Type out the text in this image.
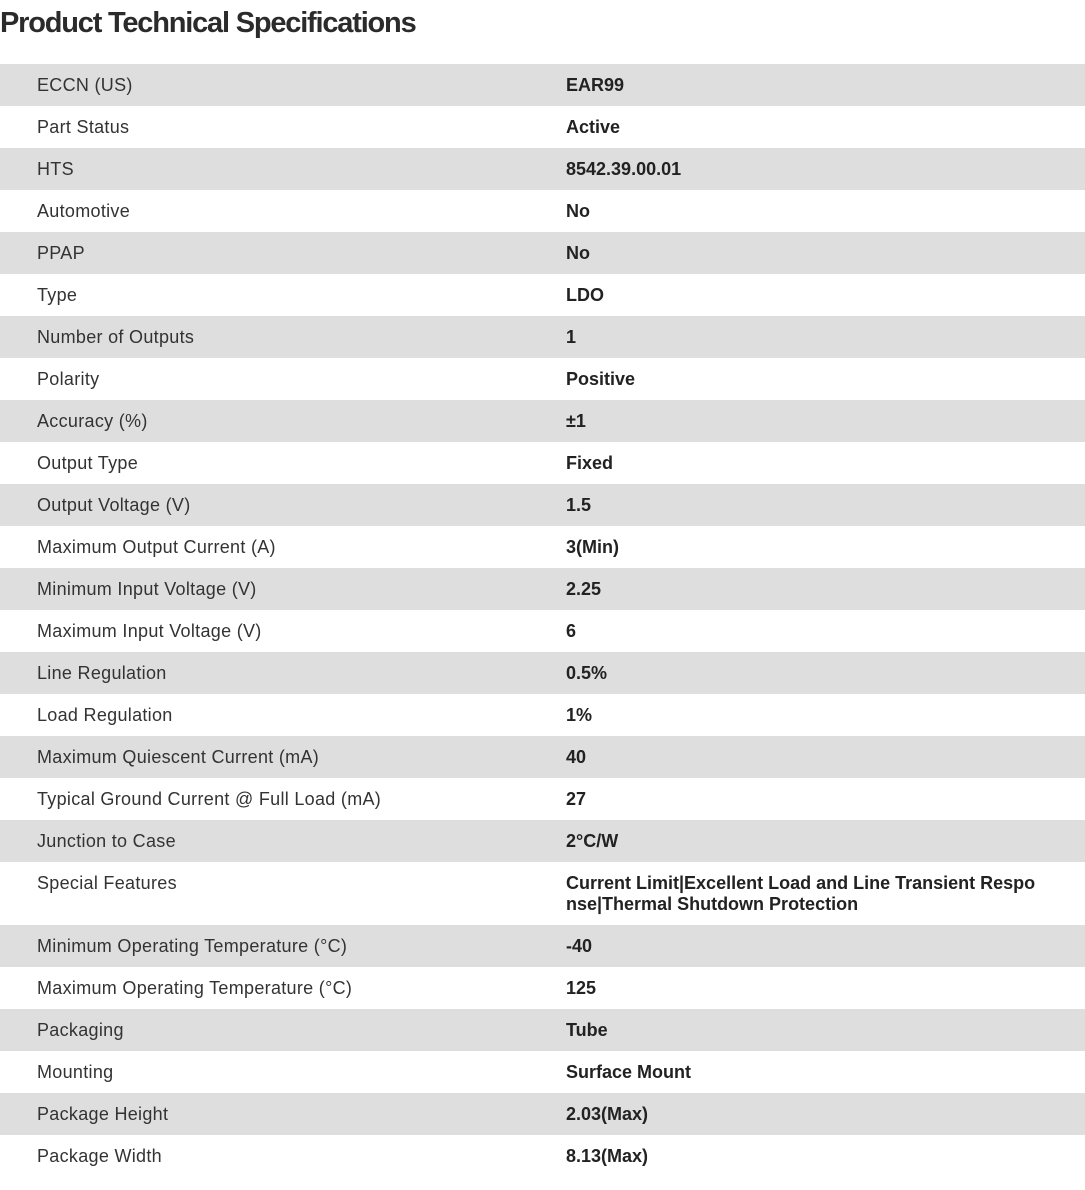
Product Technical Specifications
ECCN (US)	EAR99
Part Status	Active
HTS	8542.39.00.01
Automotive	No
PPAP	No
Type	LDO
Number of Outputs	1
Polarity	Positive
Accuracy (%)	±1
Output Type	Fixed
Output Voltage (V)	1.5
Maximum Output Current (A)	3(Min)
Minimum Input Voltage (V)	2.25
Maximum Input Voltage (V)	6
Line Regulation	0.5%
Load Regulation	1%
Maximum Quiescent Current (mA)	40
Typical Ground Current @ Full Load (mA)	27
Junction to Case	2°C/W
Special Features	Current Limit|Excellent Load and Line Transient Response|Thermal Shutdown Protection
Minimum Operating Temperature (°C)	-40
Maximum Operating Temperature (°C)	125
Packaging	Tube
Mounting	Surface Mount
Package Height	2.03(Max)
Package Width	8.13(Max)
